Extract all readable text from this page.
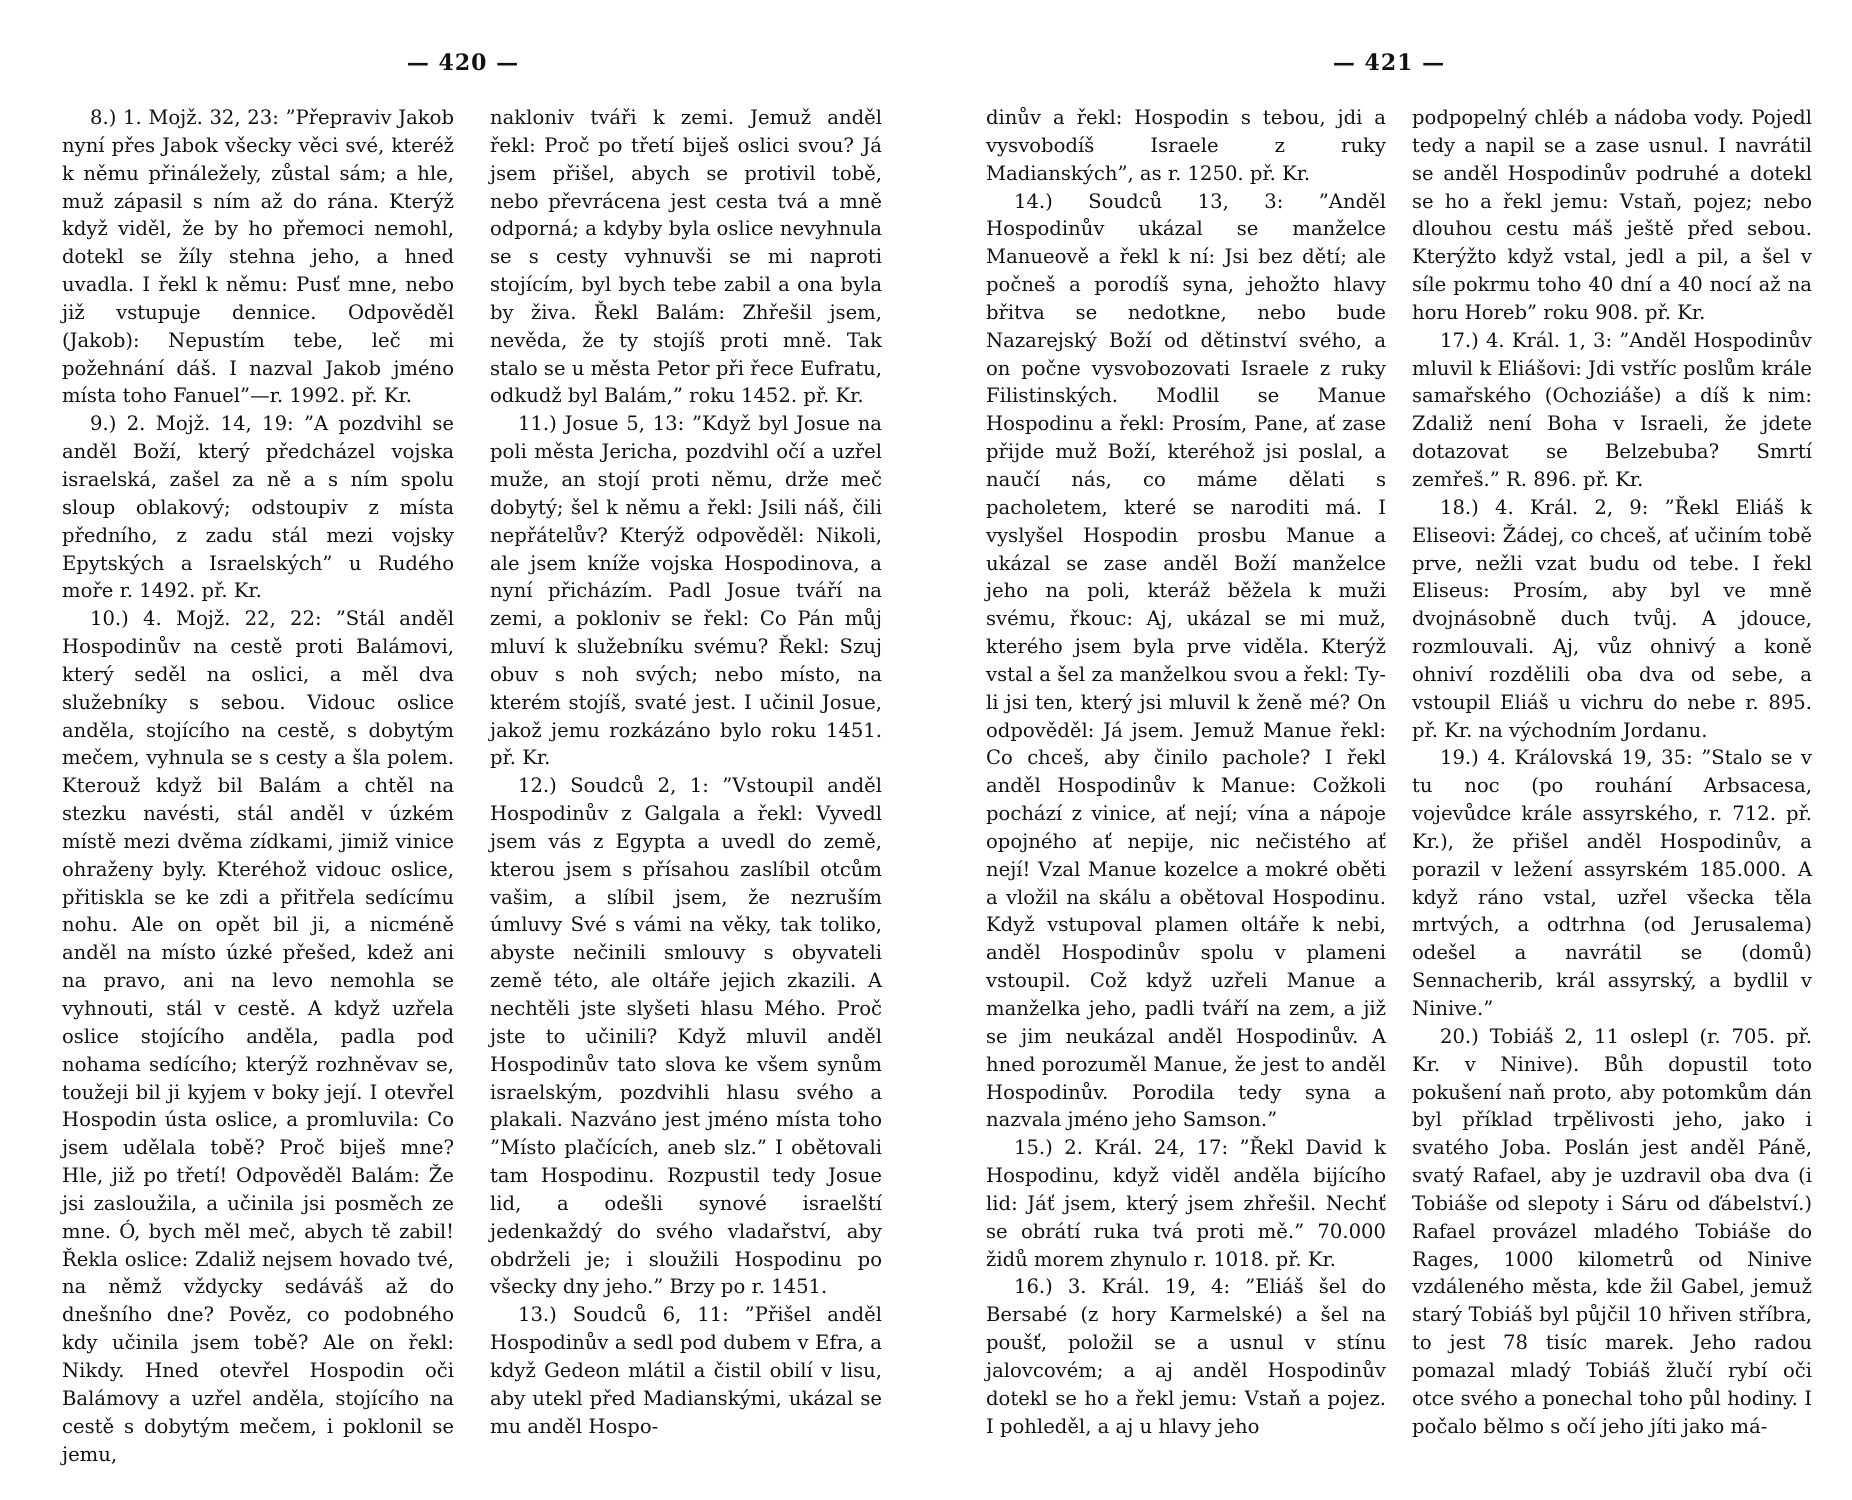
— 420 —

8.) 1. Mojž. 32, 23: ”Přepraviv Jakob nyní přes Jabok všecky věci své, kteréž k němu přináležely, zůstal sám; a hle, muž zápasil s ním až do rána. Kterýž když viděl, že by ho přemoci nemohl, dotekl se žíly stehna jeho, a hned uvadla. I řekl k němu: Pusť mne, nebo již vstupuje dennice. Odpověděl (Jakob): Nepustím tebe, leč mi požehnání dáš. I nazval Jakob jméno místa toho Fanuel”—r. 1992. př. Kr.

9.) 2. Mojž. 14, 19: ”A pozdvihl se anděl Boží, který předcházel vojska israelská, zašel za ně a s ním spolu sloup oblakový; odstoupiv z místa předního, z zadu stál mezi vojsky Epytských a Israelských” u Rudého moře r. 1492. př. Kr.

10.) 4. Mojž. 22, 22: ”Stál anděl Hospodinův na cestě proti Balámovi, který seděl na oslici, a měl dva služebníky s sebou. Vidouc oslice anděla, stojícího na cestě, s dobytým mečem, vyhnula se s cesty a šla polem. Kterouž když bil Balám a chtěl na stezku navésti, stál anděl v úzkém místě mezi dvěma zídkami, jimiž vinice ohraženy byly. Kteréhož vidouc oslice, přitiskla se ke zdi a přitřela sedícímu nohu. Ale on opět bil ji, a nicméně anděl na místo úzké přešed, kdež ani na pravo, ani na levo nemohla se vyhnouti, stál v cestě. A když uzřela oslice stojícího anděla, padla pod nohama sedícího; kterýž rozhněvav se, toužeji bil ji kyjem v boky její. I otevřel Hospodin ústa oslice, a promluvila: Co jsem udělala tobě? Proč biješ mne? Hle, již po třetí! Odpověděl Balám: Že jsi zasloužila, a učinila jsi posměch ze mne. Ó, bych měl meč, abych tě zabil! Řekla oslice: Zdaliž nejsem hovado tvé, na němž vždycky sedáváš až do dnešního dne? Pověz, co podobného kdy učinila jsem tobě? Ale on řekl: Nikdy. Hned otevřel Hospodin oči Balámovy a uzřel anděla, stojícího na cestě s dobytým mečem, i poklonil se jemu,

nakloniv tváři k zemi. Jemuž anděl řekl: Proč po třetí biješ oslici svou? Já jsem přišel, abych se protivil tobě, nebo převrácena jest cesta tvá a mně odporná; a kdyby byla oslice nevyhnula se s cesty vyhnuvši se mi naproti stojícím, byl bych tebe zabil a ona byla by živa. Řekl Balám: Zhřešil jsem, nevěda, že ty stojíš proti mně. Tak stalo se u města Petor při řece Eufratu, odkudž byl Balám,” roku 1452. př. Kr.

11.) Josue 5, 13: ”Když byl Josue na poli města Jericha, pozdvihl očí a uzřel muže, an stojí proti němu, drže meč dobytý; šel k němu a řekl: Jsili náš, čili nepřátelův? Kterýž odpověděl: Nikoli, ale jsem kníže vojska Hospodinova, a nyní přicházím. Padl Josue tváří na zemi, a pokloniv se řekl: Co Pán můj mluví k služebníku svému? Řekl: Szuj obuv s noh svých; nebo místo, na kterém stojíš, svaté jest. I učinil Josue, jakož jemu rozkázáno bylo roku 1451. př. Kr.

12.) Soudců 2, 1: ”Vstoupil anděl Hospodinův z Galgala a řekl: Vyvedl jsem vás z Egypta a uvedl do země, kterou jsem s přísahou zaslíbil otcům vašim, a slíbil jsem, že nezruším úmluvy Své s vámi na věky, tak toliko, abyste nečinili smlouvy s obyvateli země této, ale oltáře jejich zkazili. A nechtěli jste slyšeti hlasu Mého. Proč jste to učinili? Když mluvil anděl Hospodinův tato slova ke všem synům israelským, pozdvihli hlasu svého a plakali. Nazváno jest jméno místa toho ”Místo plačících, aneb slz.” I obětovali tam Hospodinu. Rozpustil tedy Josue lid, a odešli synové israelští jedenkaždý do svého vladařství, aby obdrželi je; i sloužili Hospodinu po všecky dny jeho.” Brzy po r. 1451.

13.) Soudců 6, 11: ”Přišel anděl Hospodinův a sedl pod dubem v Efra, a když Gedeon mlátil a čistil obilí v lisu, aby utekl před Madianskými, ukázal se mu anděl Hospo-

— 421 —

dinův a řekl: Hospodin s tebou, jdi a vysvobodíš Israele z ruky Madianských”, as r. 1250. př. Kr.

14.) Soudců 13, 3: ”Anděl Hospodinův ukázal se manželce Manueově a řekl k ní: Jsi bez dětí; ale počneš a porodíš syna, jehožto hlavy břitva se nedotkne, nebo bude Nazarejský Boží od dětinství svého, a on počne vysvobozovati Israele z ruky Filistinských. Modlil se Manue Hospodinu a řekl: Prosím, Pane, ať zase přijde muž Boží, kteréhož jsi poslal, a naučí nás, co máme dělati s pacholetem, které se naroditi má. I vyslyšel Hospodin prosbu Manue a ukázal se zase anděl Boží manželce jeho na poli, kteráž běžela k muži svému, řkouc: Aj, ukázal se mi muž, kterého jsem byla prve viděla. Kterýž vstal a šel za manželkou svou a řekl: Ty-li jsi ten, který jsi mluvil k ženě mé? On odpověděl: Já jsem. Jemuž Manue řekl: Co chceš, aby činilo pachole? I řekl anděl Hospodinův k Manue: Cožkoli pochází z vinice, ať nejí; vína a nápoje opojného ať nepije, nic nečistého ať nejí! Vzal Manue kozelce a mokré oběti a vložil na skálu a obětoval Hospodinu. Když vstupoval plamen oltáře k nebi, anděl Hospodinův spolu v plameni vstoupil. Což když uzřeli Manue a manželka jeho, padli tváří na zem, a již se jim neukázal anděl Hospodinův. A hned porozuměl Manue, že jest to anděl Hospodinův. Porodila tedy syna a nazvala jméno jeho Samson.”

15.) 2. Král. 24, 17: ”Řekl David k Hospodinu, když viděl anděla bijícího lid: Jáť jsem, který jsem zhřešil. Nechť se obrátí ruka tvá proti mě.” 70.000 židů morem zhynulo r. 1018. př. Kr.

16.) 3. Král. 19, 4: ”Eliáš šel do Bersabé (z hory Karmelské) a šel na poušť, položil se a usnul v stínu jalovcovém; a aj anděl Hospodinův dotekl se ho a řekl jemu: Vstaň a pojez. I pohleděl, a aj u hlavy jeho

podpopelný chléb a nádoba vody. Pojedl tedy a napil se a zase usnul. I navrátil se anděl Hospodinův podruhé a dotekl se ho a řekl jemu: Vstaň, pojez; nebo dlouhou cestu máš ještě před sebou. Kterýžto když vstal, jedl a pil, a šel v síle pokrmu toho 40 dní a 40 nocí až na horu Horeb” roku 908. př. Kr.

17.) 4. Král. 1, 3: ”Anděl Hospodinův mluvil k Eliášovi: Jdi vstříc poslům krále samařského (Ochoziáše) a díš k nim: Zdaliž není Boha v Israeli, že jdete dotazovat se Belzebuba? Smrtí zemřeš.” R. 896. př. Kr.

18.) 4. Král. 2, 9: ”Řekl Eliáš k Eliseovi: Žádej, co chceš, ať učiním tobě prve, nežli vzat budu od tebe. I řekl Eliseus: Prosím, aby byl ve mně dvojnásobně duch tvůj. A jdouce, rozmlouvali. Aj, vůz ohnivý a koně ohniví rozdělili oba dva od sebe, a vstoupil Eliáš u vichru do nebe r. 895. př. Kr. na východním Jordanu.

19.) 4. Královská 19, 35: ”Stalo se v tu noc (po rouhání Arbsacesa, vojevůdce krále assyrského, r. 712. př. Kr.), že přišel anděl Hospodinův, a porazil v ležení assyrském 185.000. A když ráno vstal, uzřel všecka těla mrtvých, a odtrhna (od Jerusalema) odešel a navrátil se (domů) Sennacherib, král assyrský, a bydlil v Ninive.”

20.) Tobiáš 2, 11 oslepl (r. 705. př. Kr. v Ninive). Bůh dopustil toto pokušení naň proto, aby potomkům dán byl příklad trpělivosti jeho, jako i svatého Joba. Poslán jest anděl Páně, svatý Rafael, aby je uzdravil oba dva (i Tobiáše od slepoty i Sáru od ďábelství.) Rafael provázel mladého Tobiáše do Rages, 1000 kilometrů od Ninive vzdáleného města, kde žil Gabel, jemuž starý Tobiáš byl půjčil 10 hřiven stříbra, to jest 78 tisíc marek. Jeho radou pomazal mladý Tobiáš žlučí rybí oči otce svého a ponechal toho půl hodiny. I počalo bělmo s očí jeho jíti jako má-
